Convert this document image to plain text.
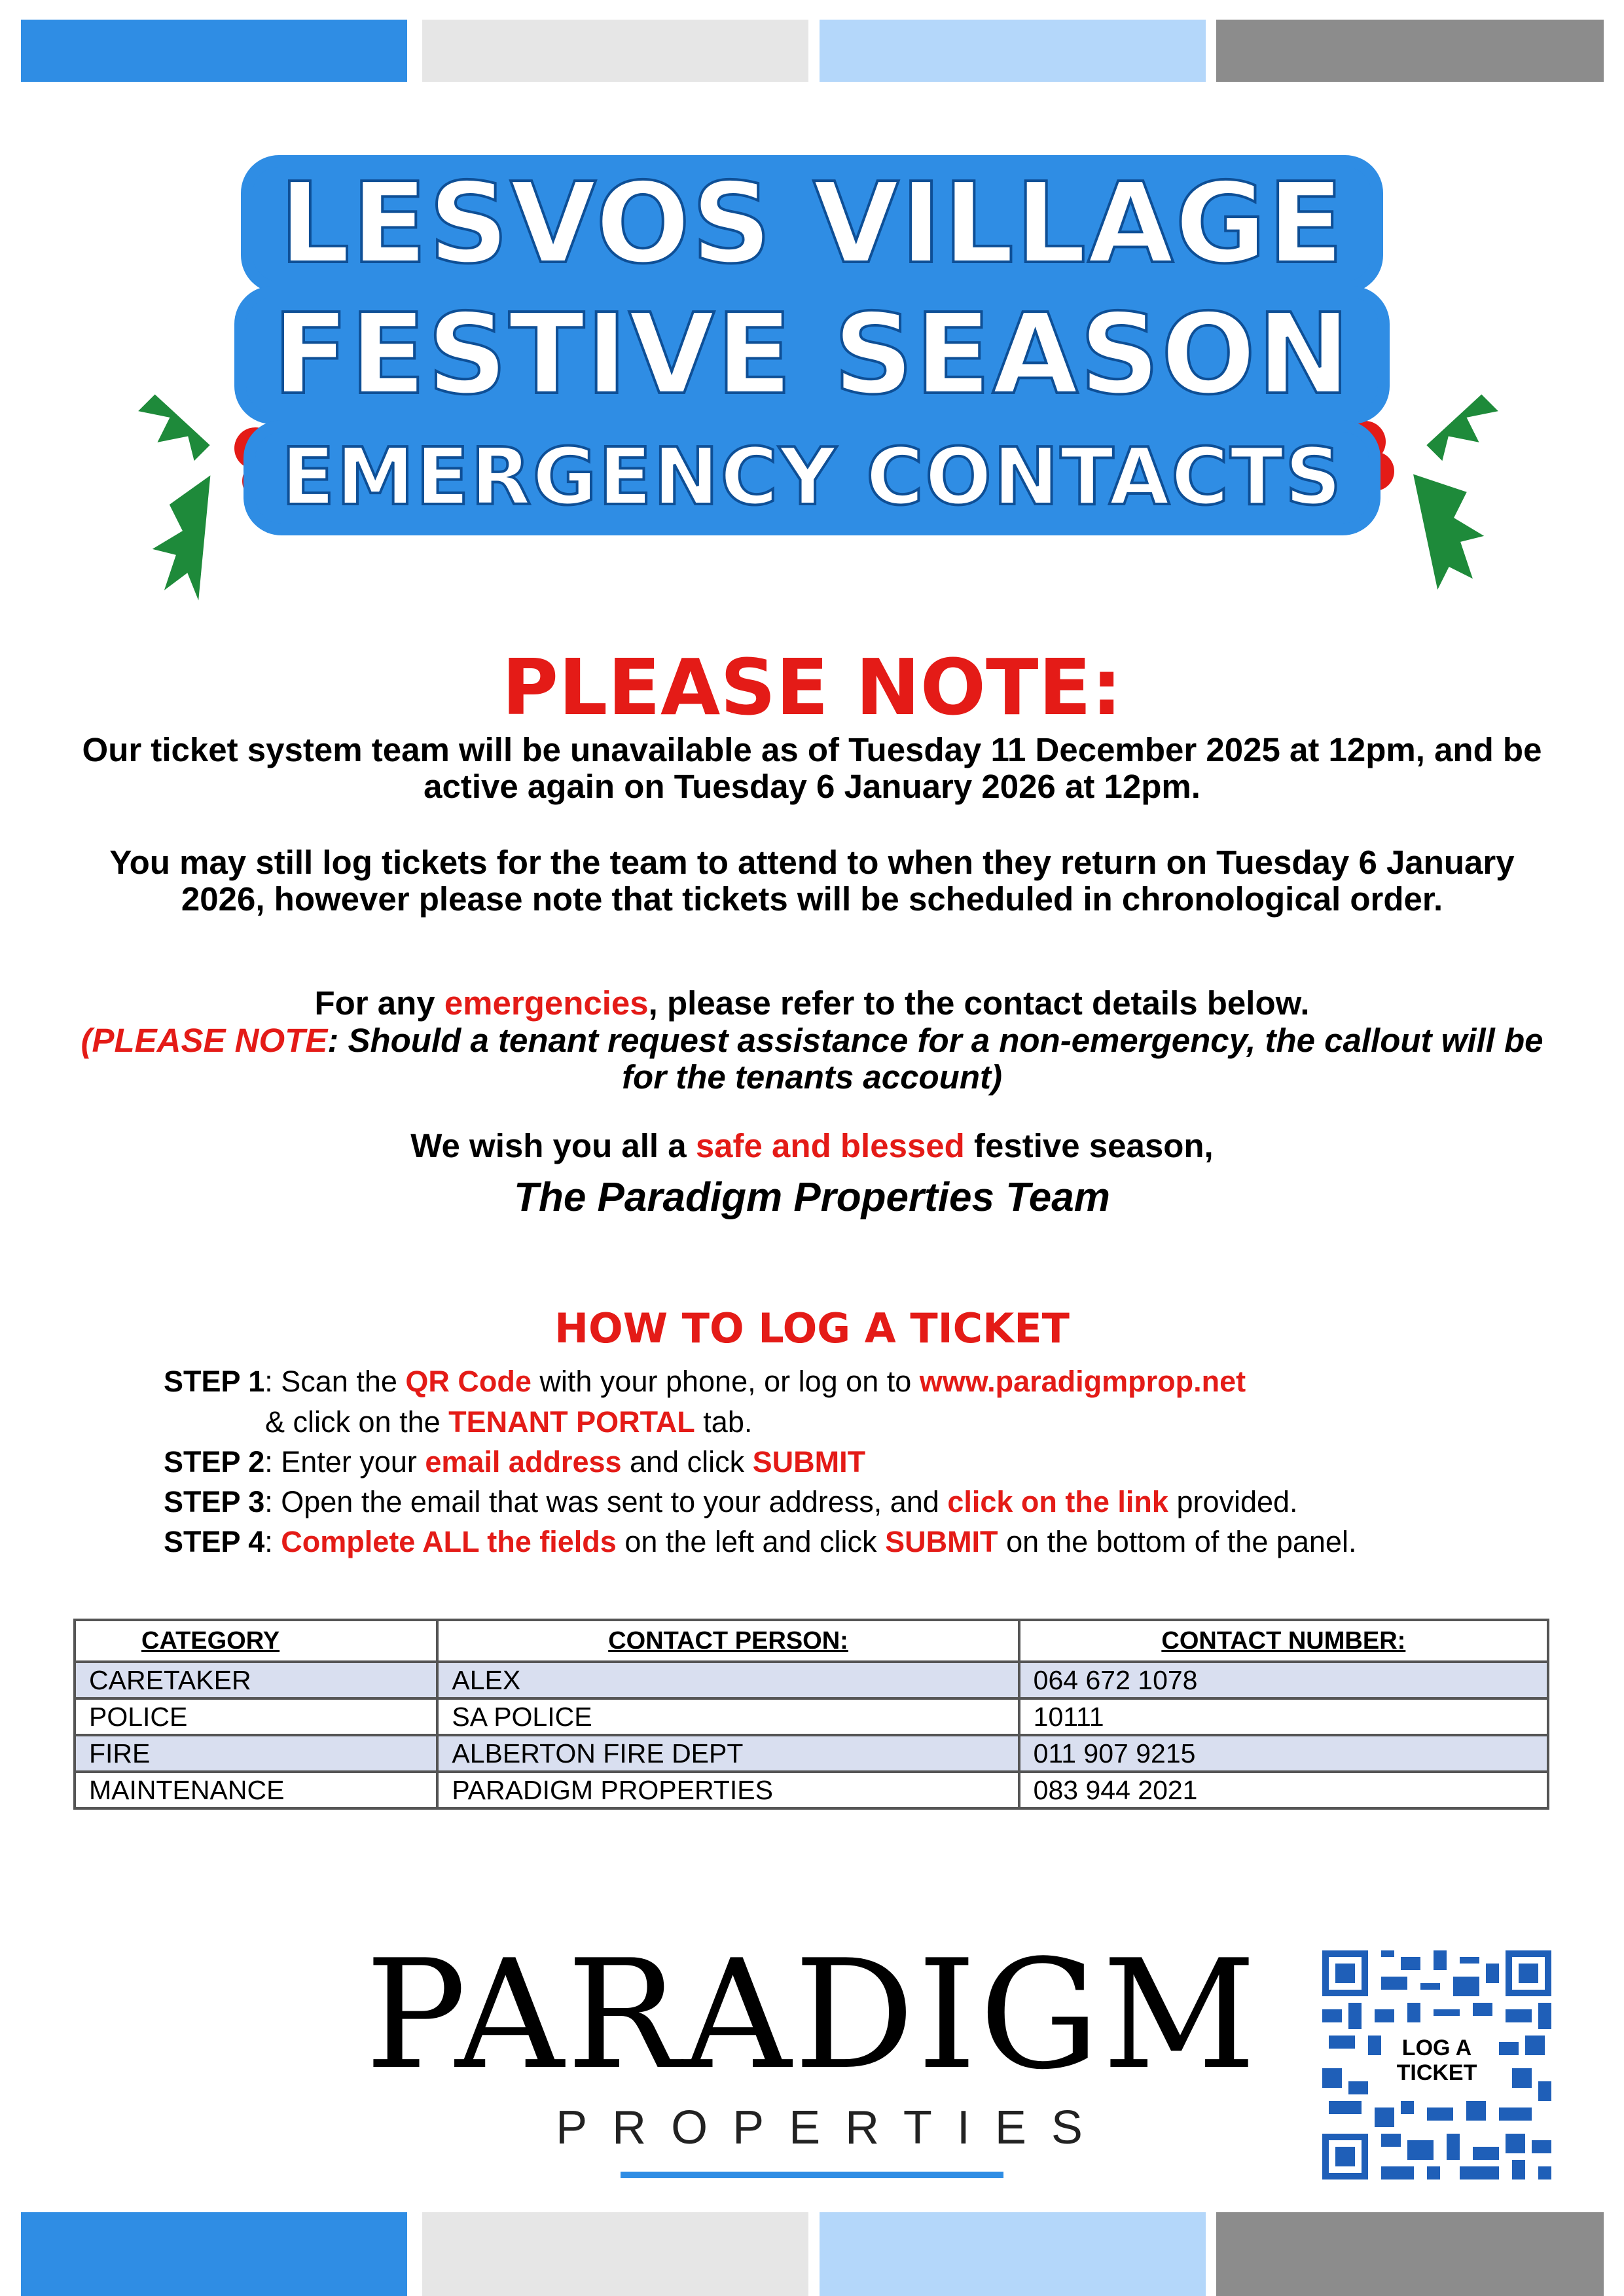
LESVOS VILLAGE
FESTIVE SEASON
EMERGENCY CONTACTS
PLEASE NOTE:
Our ticket system team will be unavailable as of Tuesday 11 December 2025 at 12pm, and be active again on Tuesday 6 January 2026 at 12pm.
You may still log tickets for the team to attend to when they return on Tuesday 6 January 2026, however please note that tickets will be scheduled in chronological order.
For any emergencies, please refer to the contact details below.
(PLEASE NOTE: Should a tenant request assistance for a non-emergency, the callout will be for the tenants account)
We wish you all a safe and blessed festive season,
The Paradigm Properties Team
HOW TO LOG A TICKET
STEP 1: Scan the QR Code with your phone, or log on to www.paradigmprop.net
& click on the TENANT PORTAL tab.
STEP 2: Enter your email address and click SUBMIT
STEP 3: Open the email that was sent to your address, and click on the link provided.
STEP 4: Complete ALL the fields on the left and click SUBMIT on the bottom of the panel.
CATEGORY	CONTACT PERSON:	CONTACT NUMBER:
CARETAKER	ALEX	064 672 1078
POLICE	SA POLICE	10111
FIRE	ALBERTON FIRE DEPT	011 907 9215
MAINTENANCE	PARADIGM PROPERTIES	083 944 2021
PARADIGM
PROPERTIES
LOG A
TICKET
